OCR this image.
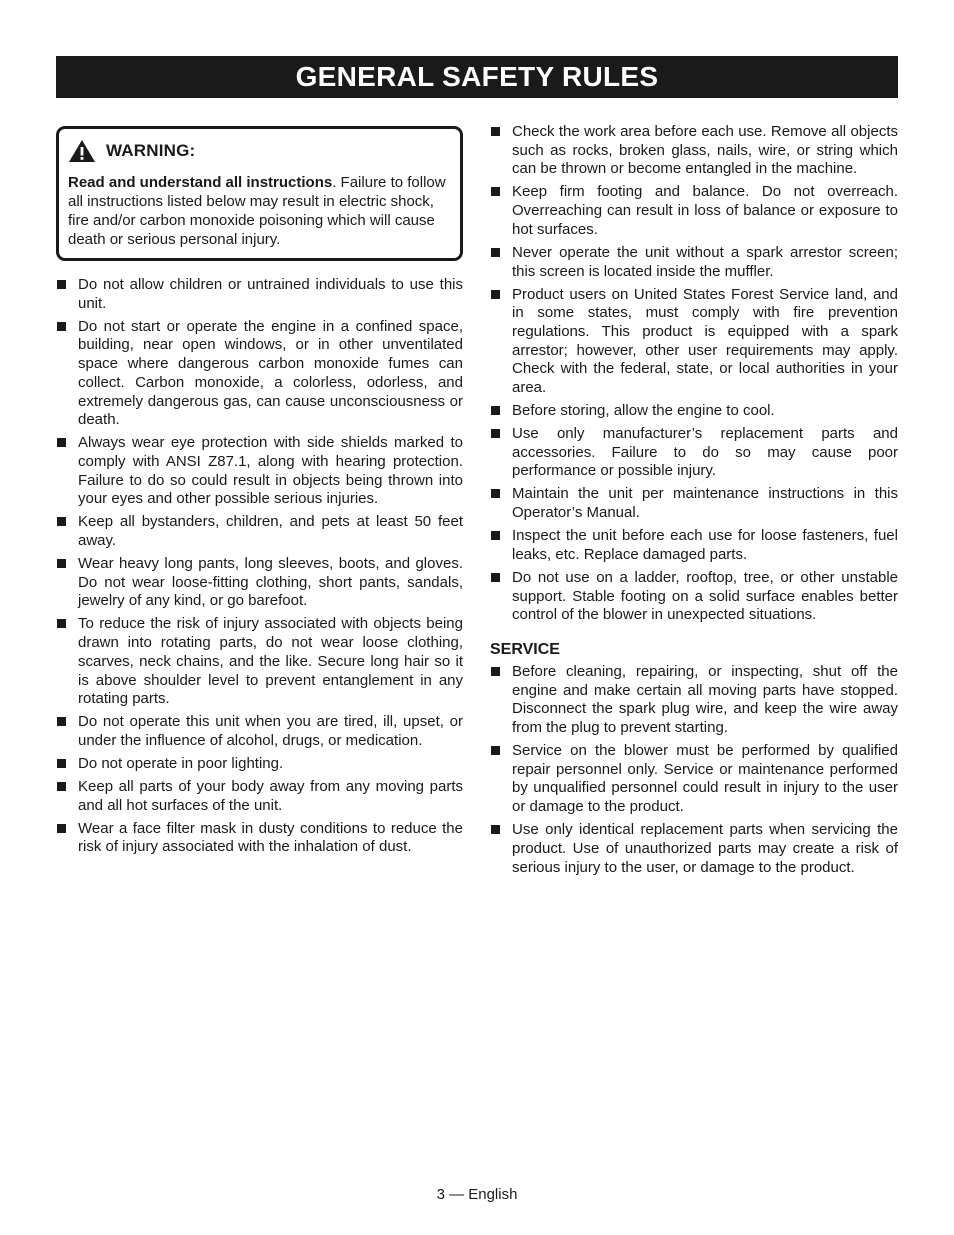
GENERAL SAFETY RULES
WARNING:
Read and understand all instructions. Failure to follow all instructions listed below may result in electric shock, fire and/or carbon monoxide poisoning which will cause death or serious personal injury.
Do not allow children or untrained individuals to use this unit.
Do not start or operate the engine in a confined space, building, near open windows, or in other unventilated space where dangerous carbon monoxide fumes can collect. Carbon monoxide, a colorless, odorless, and extremely dangerous gas, can cause unconsciousness or death.
Always wear eye protection with side shields marked to comply with ANSI Z87.1, along with hearing protection. Failure to do so could result in objects being thrown into your eyes and other possible serious injuries.
Keep all bystanders, children, and pets at least 50 feet away.
Wear heavy long pants, long sleeves, boots, and gloves. Do not wear loose-fitting clothing, short pants, sandals, jewelry of any kind, or go barefoot.
To reduce the risk of injury associated with objects being drawn into rotating parts, do not wear loose clothing, scarves, neck chains, and the like. Secure long hair so it is above shoulder level to prevent entanglement in any rotating parts.
Do not operate this unit when you are tired, ill, upset, or under the influence of alcohol, drugs, or medication.
Do not operate in poor lighting.
Keep all parts of your body away from any moving parts and all hot surfaces of the unit.
Wear a face filter mask in dusty conditions to reduce the risk of injury associated with the inhalation of dust.
Check the work area before each use. Remove all objects such as rocks, broken glass, nails, wire, or string which can be thrown or become entangled in the machine.
Keep firm footing and balance. Do not overreach. Overreaching can result in loss of balance or exposure to hot surfaces.
Never operate the unit without a spark arrestor screen; this screen is located inside the muffler.
Product users on United States Forest Service land, and in some states, must comply with fire prevention regulations. This product is equipped with a spark arrestor; however, other user requirements may apply. Check with the federal, state, or local authorities in your area.
Before storing, allow the engine to cool.
Use only manufacturer’s replacement parts and accessories. Failure to do so may cause poor performance or possible injury.
Maintain the unit per maintenance instructions in this Operator’s Manual.
Inspect the unit before each use for loose fasteners, fuel leaks, etc. Replace damaged parts.
Do not use on a ladder, rooftop, tree, or other unstable support. Stable footing on a solid surface enables better control of the blower in unexpected situations.
SERVICE
Before cleaning, repairing, or inspecting, shut off the engine and make certain all moving parts have stopped. Disconnect the spark plug wire, and keep the wire away from the plug to prevent starting.
Service on the blower must be performed by qualified repair personnel only. Service or maintenance performed by unqualified personnel could result in injury to the user or damage to the product.
Use only identical replacement parts when servicing the product. Use of unauthorized parts may create a risk of serious injury to the user, or damage to the product.
3 — English
